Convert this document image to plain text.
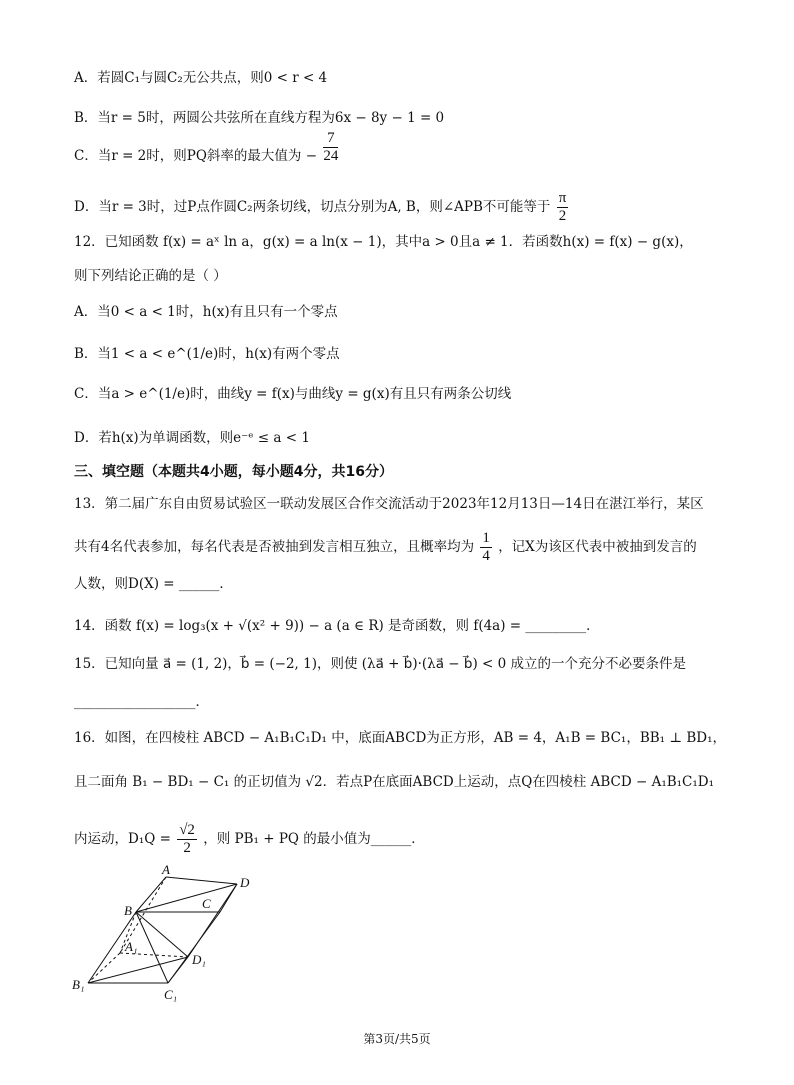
A．若圆C₁与圆C₂无公共点，则0 < r < 4
B．当r = 5时，两圆公共弦所在直线方程为6x − 8y − 1 = 0
C．当r = 2时，则PQ斜率的最大值为 − $\frac{7}{24}$
D．当r = 3时，过P点作圆C₂两条切线，切点分别为A, B，则∠APB不可能等于 $\frac{\pi}{2}$
12．已知函数 f(x) = aˣ ln a，g(x) = a ln(x − 1)，其中a > 0且a ≠ 1．若函数h(x) = f(x) − g(x)，
则下列结论正确的是（ ）
A．当0 < a < 1时，h(x)有且只有一个零点
B．当1 < a < e^(1/e)时，h(x)有两个零点
C．当a > e^(1/e)时，曲线y = f(x)与曲线y = g(x)有且只有两条公切线
D．若h(x)为单调函数，则e⁻ᵉ ≤ a < 1
三、填空题（本题共4小题，每小题4分，共16分）
13．第二届广东自由贸易试验区一联动发展区合作交流活动于2023年12月13日—14日在湛江举行，某区
共有4名代表参加，每名代表是否被抽到发言相互独立，且概率均为 $\frac{1}{4}$ ，记X为该区代表中被抽到发言的
人数，则D(X) = ______．
14．函数 f(x) = log₃(x + √(x² + 9)) − a (a ∈ R) 是奇函数，则 f(4a) = _________．
15．已知向量 a⃗ = (1, 2)，b⃗ = (−2, 1)，则使 (λa⃗ + b⃗)·(λa⃗ − b⃗) < 0 成立的一个充分不必要条件是
__________________．
16．如图，在四棱柱 ABCD − A₁B₁C₁D₁ 中，底面ABCD为正方形，AB = 4，A₁B = BC₁，BB₁ ⊥ BD₁，
且二面角 B₁ − BD₁ − C₁ 的正切值为 √2．若点P在底面ABCD上运动，点Q在四棱柱 ABCD − A₁B₁C₁D₁
内运动，$D_1Q = \frac{√2}{2}$ ，则 PB₁ + PQ 的最小值为______．
A
D
B	C
A₁
D₁
B₁
C₁
第3页/共5页
